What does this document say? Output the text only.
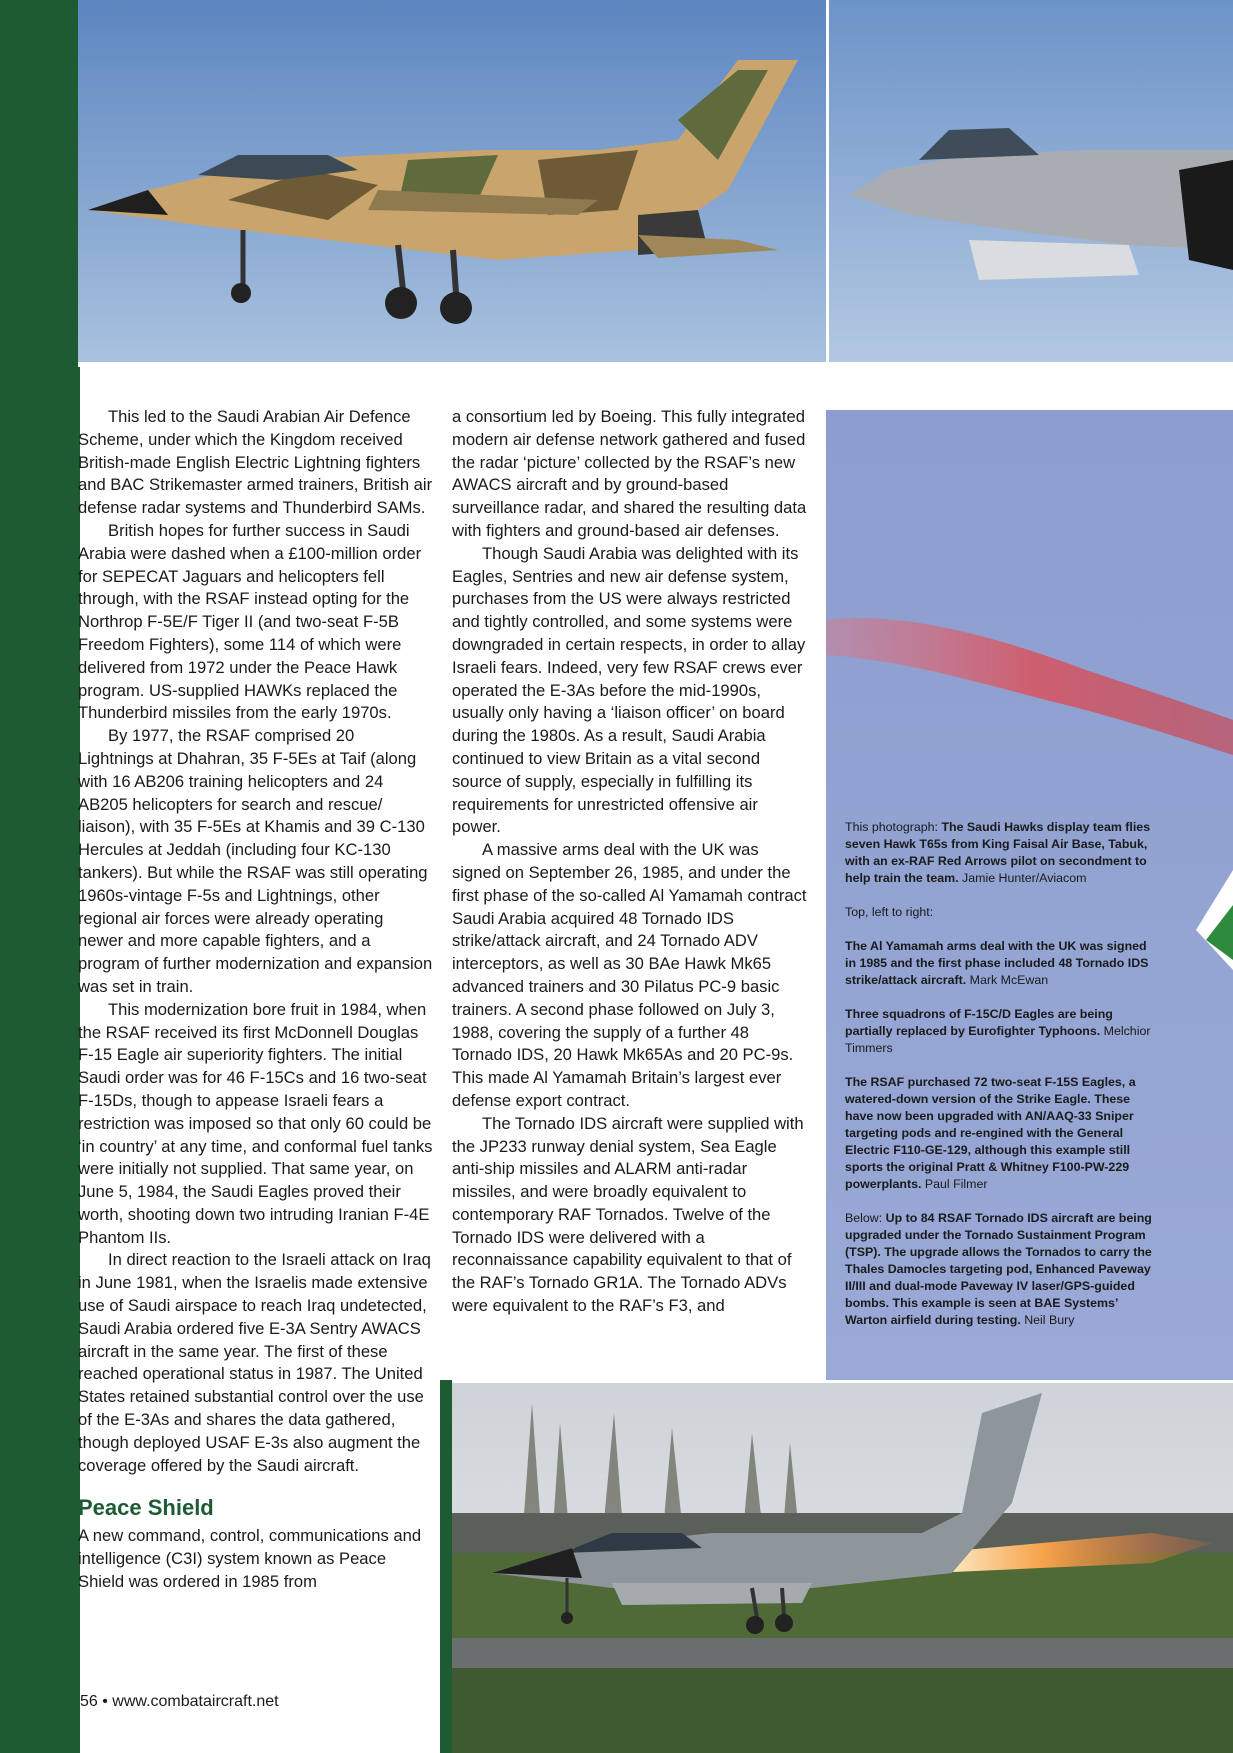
This photograph: The Saudi Hawks display team flies seven Hawk T65s from King Faisal Air Base, Tabuk, with an ex-RAF Red Arrows pilot on secondment to help train the team. Jamie Hunter/Aviacom

Top, left to right:

The Al Yamamah arms deal with the UK was signed in 1985 and the first phase included 48 Tornado IDS strike/attack aircraft. Mark McEwan

Three squadrons of F-15C/D Eagles are being partially replaced by Eurofighter Typhoons. Melchior Timmers

The RSAF purchased 72 two-seat F-15S Eagles, a watered-down version of the Strike Eagle. These have now been upgraded with AN/AAQ-33 Sniper targeting pods and re-engined with the General Electric F110-GE-129, although this example still sports the original Pratt & Whitney F100-PW-229 powerplants. Paul Filmer

Below: Up to 84 RSAF Tornado IDS aircraft are being upgraded under the Tornado Sustainment Program (TSP). The upgrade allows the Tornados to carry the Thales Damocles targeting pod, Enhanced Paveway II/III and dual-mode Paveway IV laser/GPS-guided bombs. This example is seen at BAE Systems’ Warton airfield during testing. Neil Bury

This led to the Saudi Arabian Air Defence Scheme, under which the Kingdom received British-made English Electric Lightning fighters and BAC Strikemaster armed trainers, British air defense radar systems and Thunderbird SAMs.

British hopes for further success in Saudi Arabia were dashed when a £100-million order for SEPECAT Jaguars and helicopters fell through, with the RSAF instead opting for the Northrop F-5E/F Tiger II (and two-seat F-5B Freedom Fighters), some 114 of which were delivered from 1972 under the Peace Hawk program. US-supplied HAWKs replaced the Thunderbird missiles from the early 1970s.

By 1977, the RSAF comprised 20 Lightnings at Dhahran, 35 F-5Es at Taif (along with 16 AB206 training helicopters and 24 AB205 helicopters for search and rescue/ liaison), with 35 F-5Es at Khamis and 39 C-130 Hercules at Jeddah (including four KC-130 tankers). But while the RSAF was still operating 1960s-vintage F-5s and Lightnings, other regional air forces were already operating newer and more capable fighters, and a program of further modernization and expansion was set in train.

This modernization bore fruit in 1984, when the RSAF received its first McDonnell Douglas F-15 Eagle air superiority fighters. The initial Saudi order was for 46 F-15Cs and 16 two-seat F-15Ds, though to appease Israeli fears a restriction was imposed so that only 60 could be ‘in country’ at any time, and conformal fuel tanks were initially not supplied. That same year, on June 5, 1984, the Saudi Eagles proved their worth, shooting down two intruding Iranian F-4E Phantom IIs.

In direct reaction to the Israeli attack on Iraq in June 1981, when the Israelis made extensive use of Saudi airspace to reach Iraq undetected, Saudi Arabia ordered five E-3A Sentry AWACS aircraft in the same year. The first of these reached operational status in 1987. The United States retained substantial control over the use of the E-3As and shares the data gathered, though deployed USAF E-3s also augment the coverage offered by the Saudi aircraft.

Peace Shield

A new command, control, communications and intelligence (C3I) system known as Peace Shield was ordered in 1985 from

a consortium led by Boeing. This fully integrated modern air defense network gathered and fused the radar ‘picture’ collected by the RSAF’s new AWACS aircraft and by ground-based surveillance radar, and shared the resulting data with fighters and ground-based air defenses.

Though Saudi Arabia was delighted with its Eagles, Sentries and new air defense system, purchases from the US were always restricted and tightly controlled, and some systems were downgraded in certain respects, in order to allay Israeli fears. Indeed, very few RSAF crews ever operated the E-3As before the mid-1990s, usually only having a ‘liaison officer’ on board during the 1980s. As a result, Saudi Arabia continued to view Britain as a vital second source of supply, especially in fulfilling its requirements for unrestricted offensive air power.

A massive arms deal with the UK was signed on September 26, 1985, and under the first phase of the so-called Al Yamamah contract Saudi Arabia acquired 48 Tornado IDS strike/attack aircraft, and 24 Tornado ADV interceptors, as well as 30 BAe Hawk Mk65 advanced trainers and 30 Pilatus PC-9 basic trainers. A second phase followed on July 3, 1988, covering the supply of a further 48 Tornado IDS, 20 Hawk Mk65As and 20 PC-9s. This made Al Yamamah Britain’s largest ever defense export contract.

The Tornado IDS aircraft were supplied with the JP233 runway denial system, Sea Eagle anti-ship missiles and ALARM anti-radar missiles, and were broadly equivalent to contemporary RAF Tornados. Twelve of the Tornado IDS were delivered with a reconnaissance capability equivalent to that of the RAF’s Tornado GR1A. The Tornado ADVs were equivalent to the RAF’s F3, and

56 • www.combataircraft.net
